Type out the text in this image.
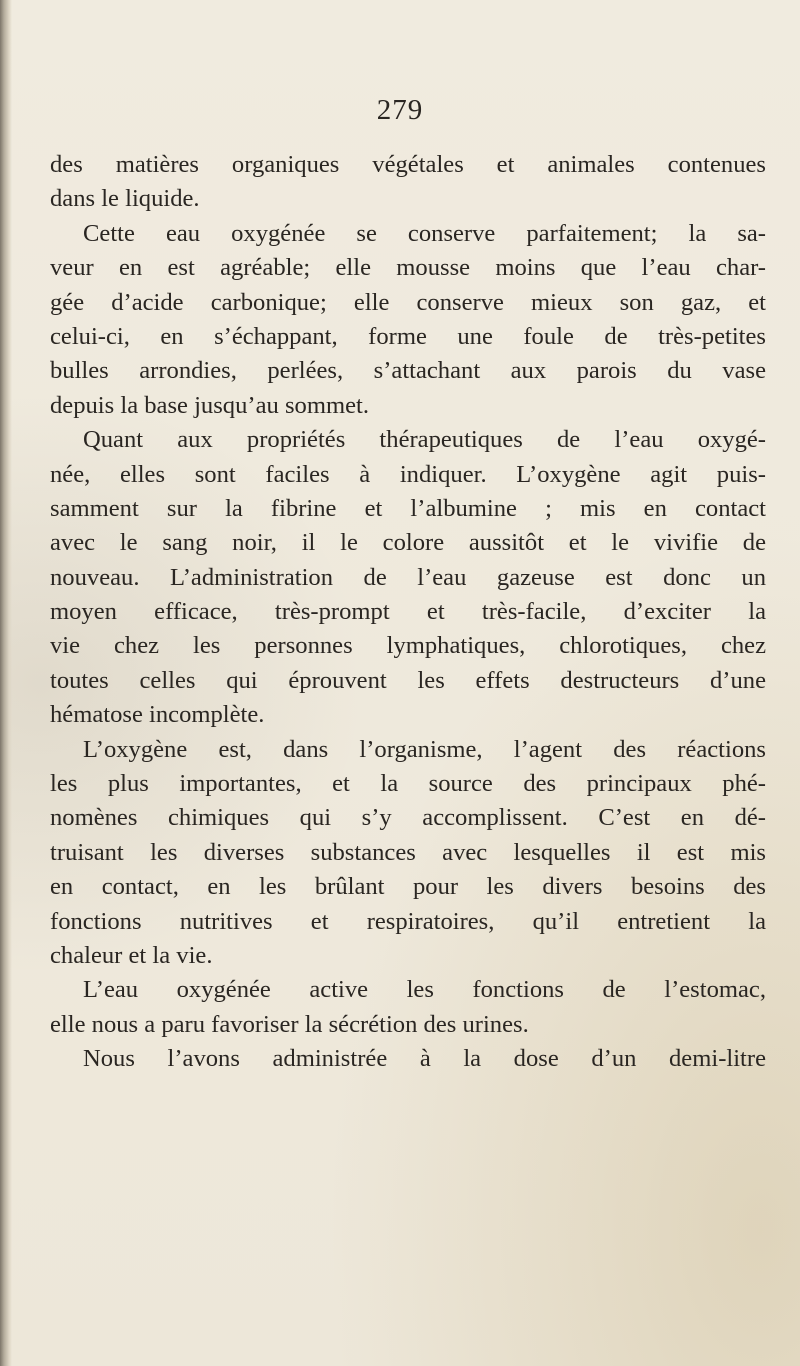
279
des matières organiques végétales et animales contenues
dans le liquide.
Cette eau oxygénée se conserve parfaitement; la sa-
veur en est agréable; elle mousse moins que l’eau char-
gée d’acide carbonique; elle conserve mieux son gaz, et
celui-ci, en s’échappant, forme une foule de très-petites
bulles arrondies, perlées, s’attachant aux parois du vase
depuis la base jusqu’au sommet.
Quant aux propriétés thérapeutiques de l’eau oxygé-
née, elles sont faciles à indiquer. L’oxygène agit puis-
samment sur la fibrine et l’albumine ; mis en contact
avec le sang noir, il le colore aussitôt et le vivifie de
nouveau. L’administration de l’eau gazeuse est donc un
moyen efficace, très-prompt et très-facile, d’exciter la
vie chez les personnes lymphatiques, chlorotiques, chez
toutes celles qui éprouvent les effets destructeurs d’une
hématose incomplète.
L’oxygène est, dans l’organisme, l’agent des réactions
les plus importantes, et la source des principaux phé-
nomènes chimiques qui s’y accomplissent. C’est en dé-
truisant les diverses substances avec lesquelles il est mis
en contact, en les brûlant pour les divers besoins des
fonctions nutritives et respiratoires, qu’il entretient la
chaleur et la vie.
L’eau oxygénée active les fonctions de l’estomac,
elle nous a paru favoriser la sécrétion des urines.
Nous l’avons administrée à la dose d’un demi-litre
